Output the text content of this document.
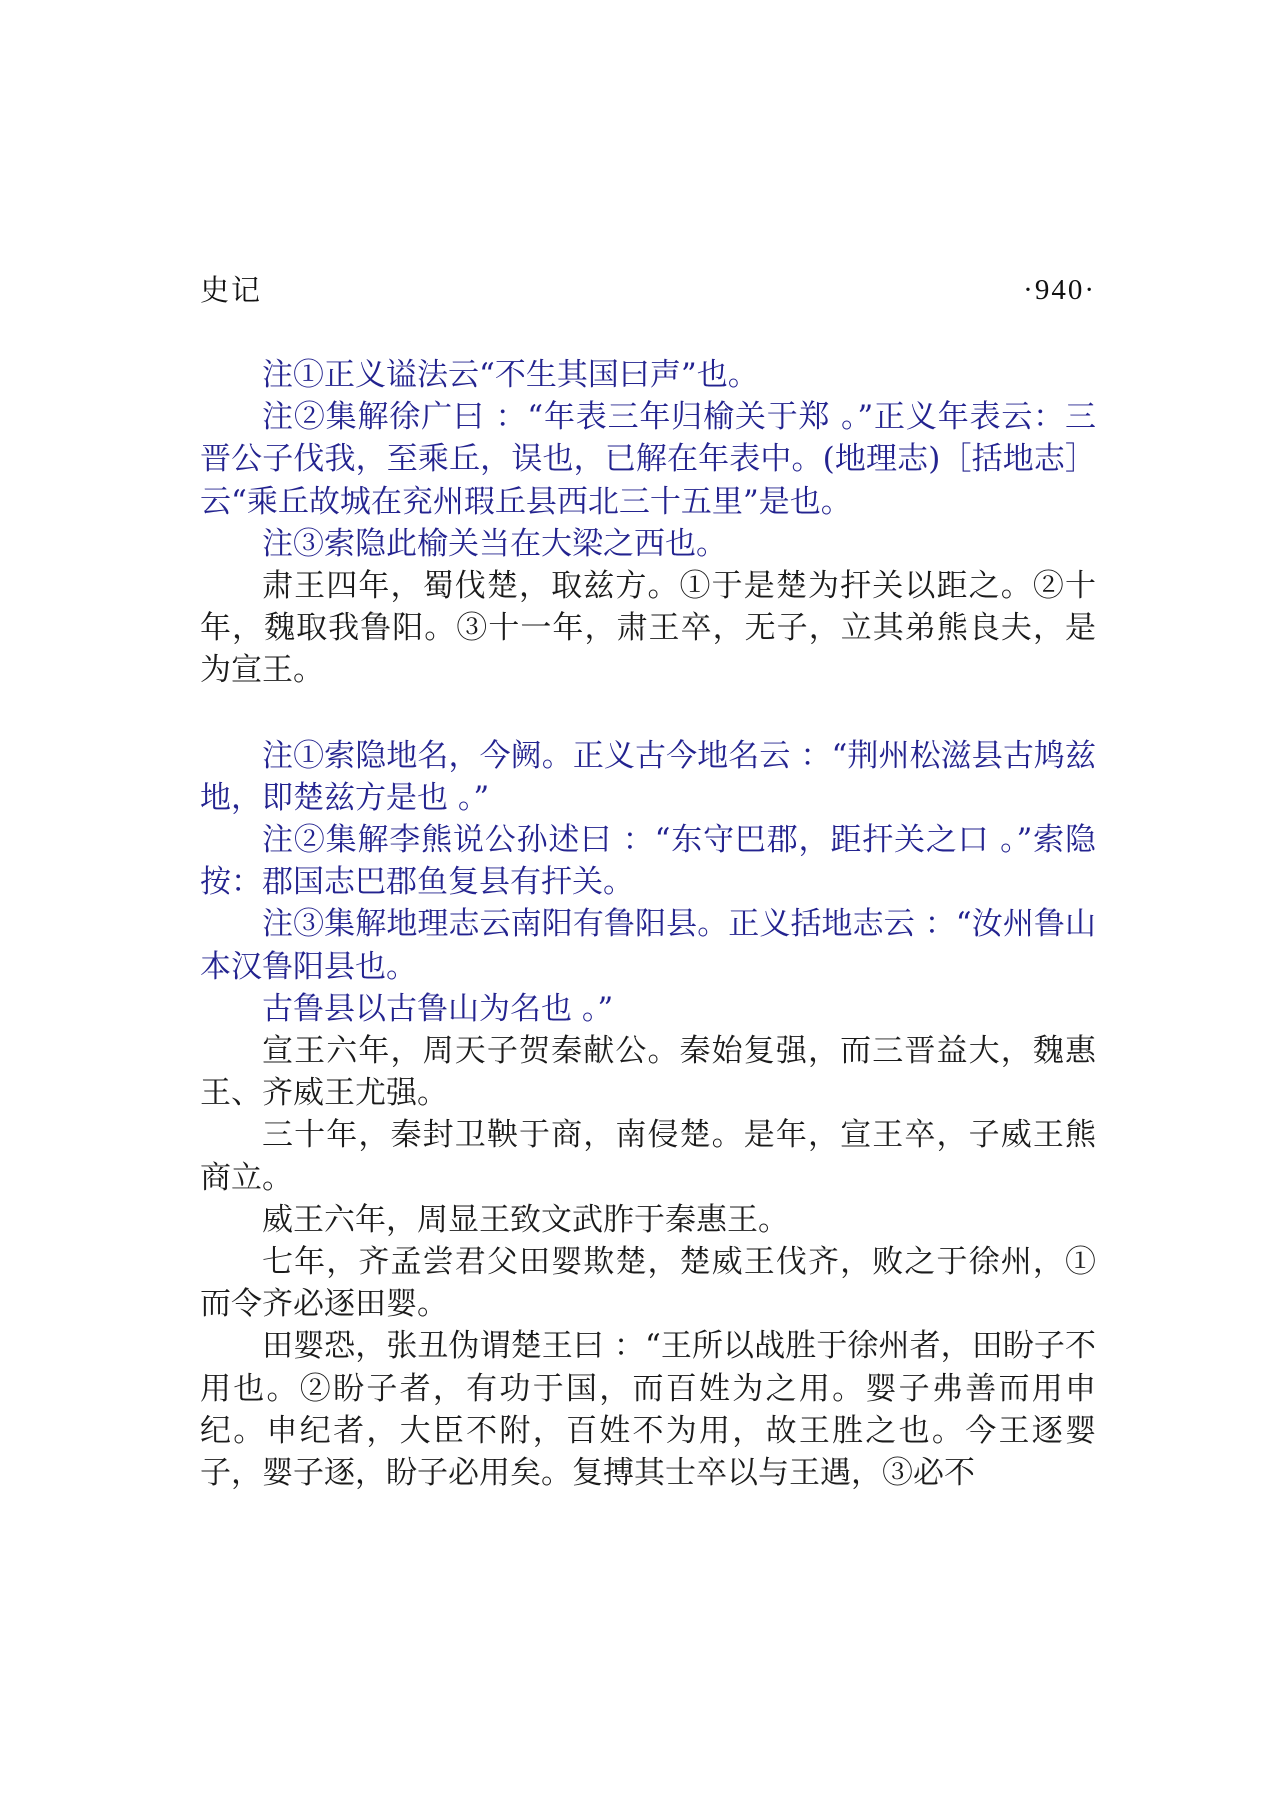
史记	·940·

注①正义谥法云“不生其国曰声”也。

注②集解徐广曰 ：“年表三年归榆关于郑 。”正义年表云：三晋公子伐我，至乘丘，误也，已解在年表中。(地理志)［括地志］云“乘丘故城在兖州瑕丘县西北三十五里”是也。

注③索隐此榆关当在大梁之西也。

肃王四年，蜀伐楚，取兹方。①于是楚为扞关以距之。②十年，魏取我鲁阳。③十一年，肃王卒，无子，立其弟熊良夫，是为宣王。

注①索隐地名，今阙。正义古今地名云 ：“荆州松滋县古鸠兹地，即楚兹方是也 。”

注②集解李熊说公孙述曰 ：“东守巴郡，距扞关之口 。”索隐按：郡国志巴郡鱼复县有扞关。

注③集解地理志云南阳有鲁阳县。正义括地志云 ：“汝州鲁山本汉鲁阳县也。

古鲁县以古鲁山为名也 。”

宣王六年，周天子贺秦献公。秦始复强，而三晋益大，魏惠王、齐威王尤强。

三十年，秦封卫鞅于商，南侵楚。是年，宣王卒，子威王熊商立。

威王六年，周显王致文武胙于秦惠王。

七年，齐孟尝君父田婴欺楚，楚威王伐齐，败之于徐州，①而令齐必逐田婴。

田婴恐，张丑伪谓楚王曰 ：“王所以战胜于徐州者，田盼子不用也。②盼子者，有功于国，而百姓为之用。婴子弗善而用申纪。申纪者，大臣不附，百姓不为用，故王胜之也。今王逐婴子，婴子逐，盼子必用矣。复搏其士卒以与王遇，③必不
